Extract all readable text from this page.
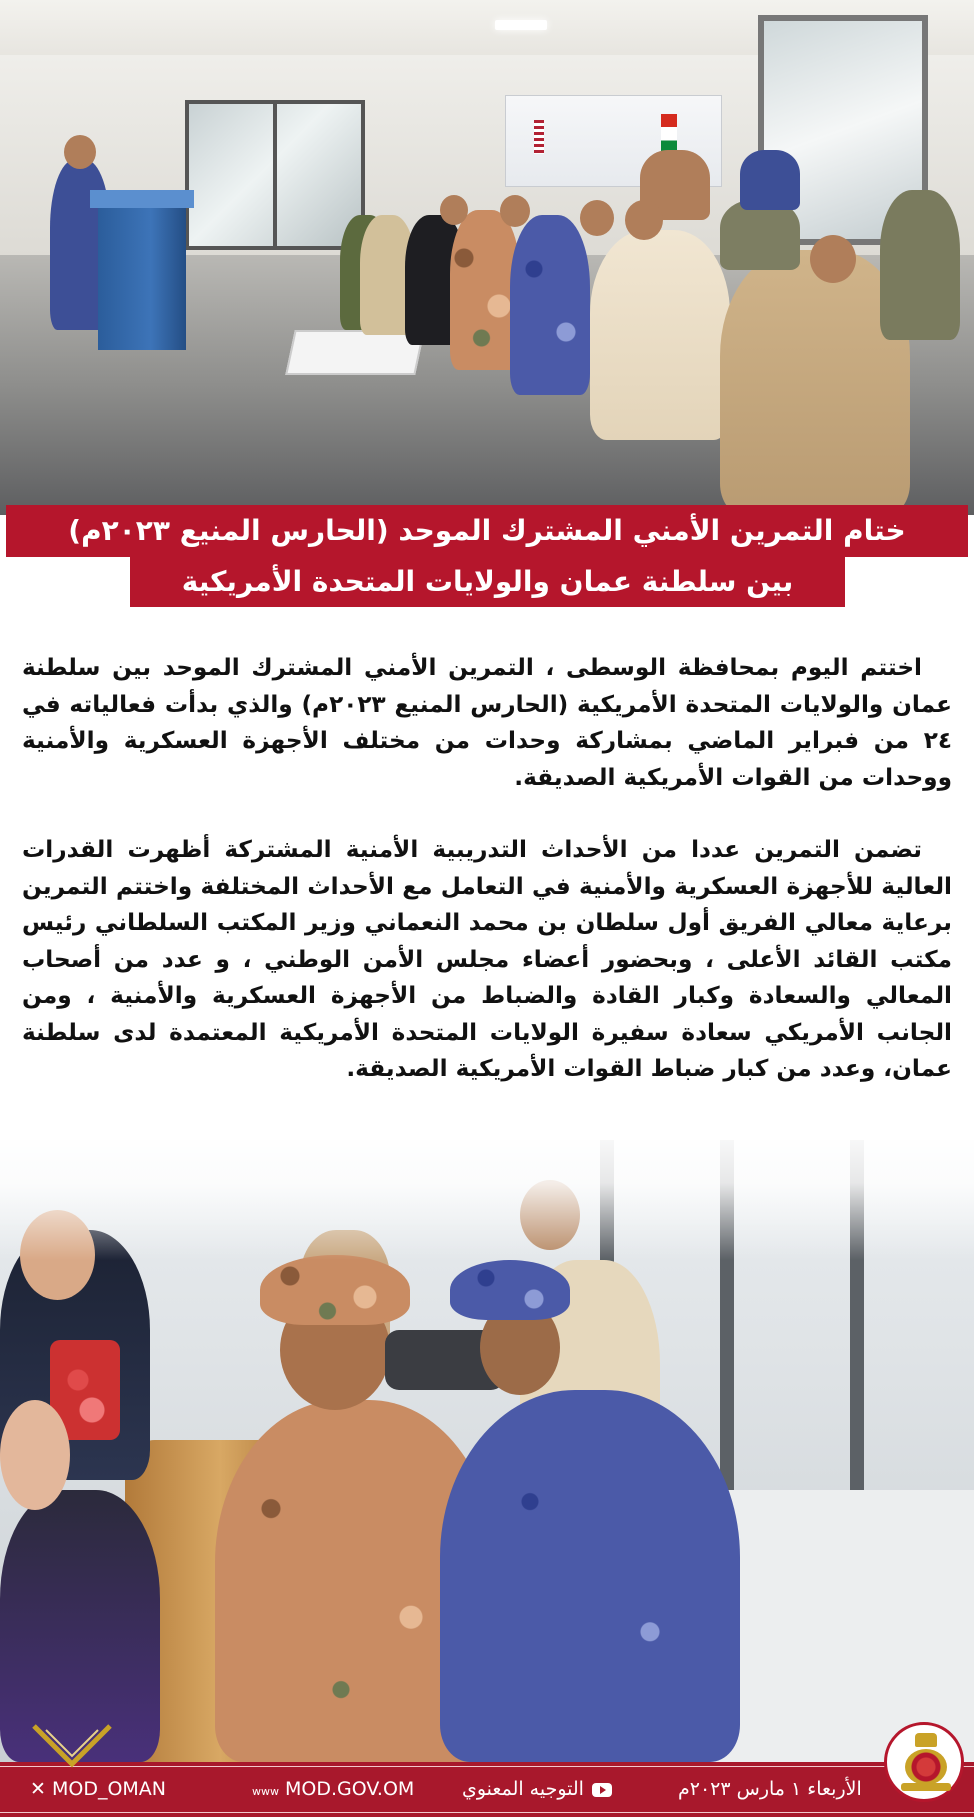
ختام التمرين الأمني المشترك الموحد (الحارس المنيع ٢٠٢٣م)
بين سلطنة عمان والولايات المتحدة الأمريكية

اختتم اليوم بمحافظة الوسطى ، التمرين الأمني المشترك الموحد بين سلطنة عمان والولايات المتحدة الأمريكية (الحارس المنيع ٢٠٢٣م) والذي بدأت فعالياته في ٢٤ من فبراير الماضي بمشاركة وحدات من مختلف الأجهزة العسكرية والأمنية ووحدات من القوات الأمريكية الصديقة.

تضمن التمرين عددا من الأحداث التدريبية الأمنية المشتركة أظهرت القدرات العالية للأجهزة العسكرية والأمنية في التعامل مع الأحداث المختلفة واختتم التمرين برعاية معالي الفريق أول سلطان بن محمد النعماني وزير المكتب السلطاني رئيس مكتب القائد الأعلى ، وبحضور أعضاء مجلس الأمن الوطني ، و عدد من أصحاب المعالي والسعادة وكبار القادة والضباط من الأجهزة العسكرية والأمنية ، ومن الجانب الأمريكي سعادة سفيرة الولايات المتحدة الأمريكية المعتمدة لدى سلطنة عمان، وعدد من كبار ضباط القوات الأمريكية الصديقة.

✕ MOD_OMAN	www MOD.GOV.OM	التوجيه المعنوي	الأربعاء ١ مارس ٢٠٢٣م
